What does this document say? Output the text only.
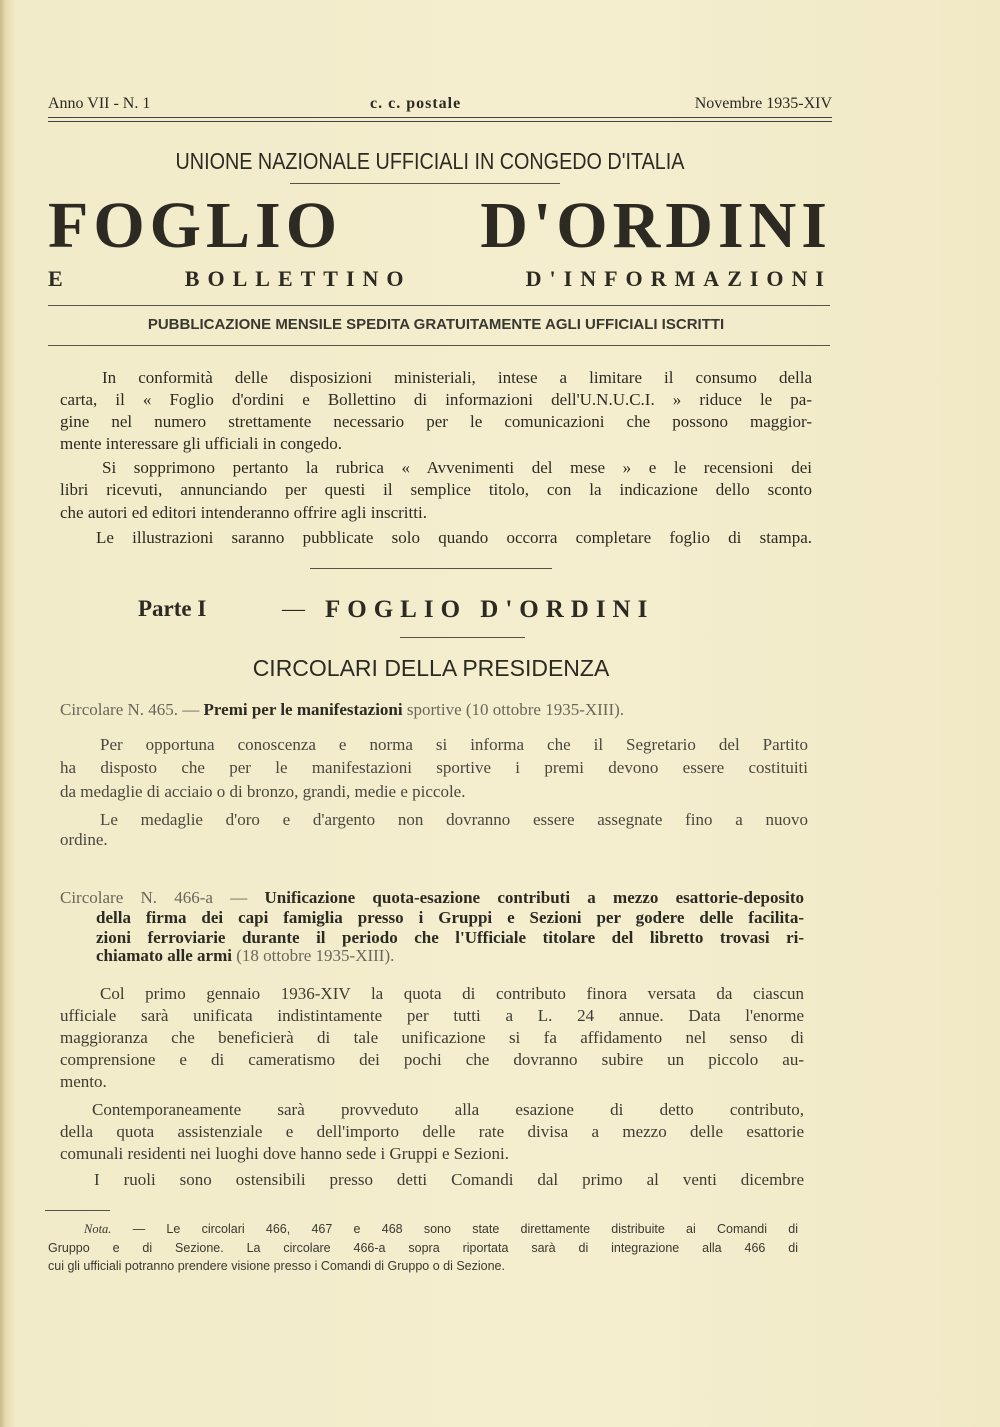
Anno VII - N. 1	c. c. postale	Novembre 1935-XIV
UNIONE NAZIONALE UFFICIALI IN CONGEDO D'ITALIA
FOGLIO D'ORDINI
E BOLLETTINO D'INFORMAZIONI
PUBBLICAZIONE MENSILE SPEDITA GRATUITAMENTE AGLI UFFICIALI ISCRITTI
In conformità delle disposizioni ministeriali, intese a limitare il consumo della
carta, il « Foglio d'ordini e Bollettino di informazioni dell'U.N.U.C.I. » riduce le pa-
gine nel numero strettamente necessario per le comunicazioni che possono maggior-
mente interessare gli ufficiali in congedo.
Si sopprimono pertanto la rubrica « Avvenimenti del mese » e le recensioni dei
libri ricevuti, annunciando per questi il semplice titolo, con la indicazione dello sconto
che autori ed editori intenderanno offrire agli inscritti.
Le illustrazioni saranno pubblicate solo quando occorra completare foglio di stampa.
Parte I	— FOGLIO D'ORDINI
CIRCOLARI DELLA PRESIDENZA
Circolare N. 465. — Premi per le manifestazioni sportive (10 ottobre 1935-XIII).
Per opportuna conoscenza e norma si informa che il Segretario del Partito
ha disposto che per le manifestazioni sportive i premi devono essere costituiti
da medaglie di acciaio o di bronzo, grandi, medie e piccole.
Le medaglie d'oro e d'argento non dovranno essere assegnate fino a nuovo
ordine.
Circolare N. 466-a — Unificazione quota-esazione contributi a mezzo esattorie-deposito
della firma dei capi famiglia presso i Gruppi e Sezioni per godere delle facilita-
zioni ferroviarie durante il periodo che l'Ufficiale titolare del libretto trovasi ri-
chiamato alle armi (18 ottobre 1935-XIII).
Col primo gennaio 1936-XIV la quota di contributo finora versata da ciascun
ufficiale sarà unificata indistintamente per tutti a L. 24 annue. Data l'enorme
maggioranza che beneficierà di tale unificazione si fa affidamento nel senso di
comprensione e di cameratismo dei pochi che dovranno subire un piccolo au-
mento.
Contemporaneamente sarà provveduto alla esazione di detto contributo,
della quota assistenziale e dell'importo delle rate divisa a mezzo delle esattorie
comunali residenti nei luoghi dove hanno sede i Gruppi e Sezioni.
I ruoli sono ostensibili presso detti Comandi dal primo al venti dicembre
Nota. — Le circolari 466, 467 e 468 sono state direttamente distribuite ai Comandi di
Gruppo e di Sezione. La circolare 466-a sopra riportata sarà di integrazione alla 466 di
cui gli ufficiali potranno prendere visione presso i Comandi di Gruppo o di Sezione.
